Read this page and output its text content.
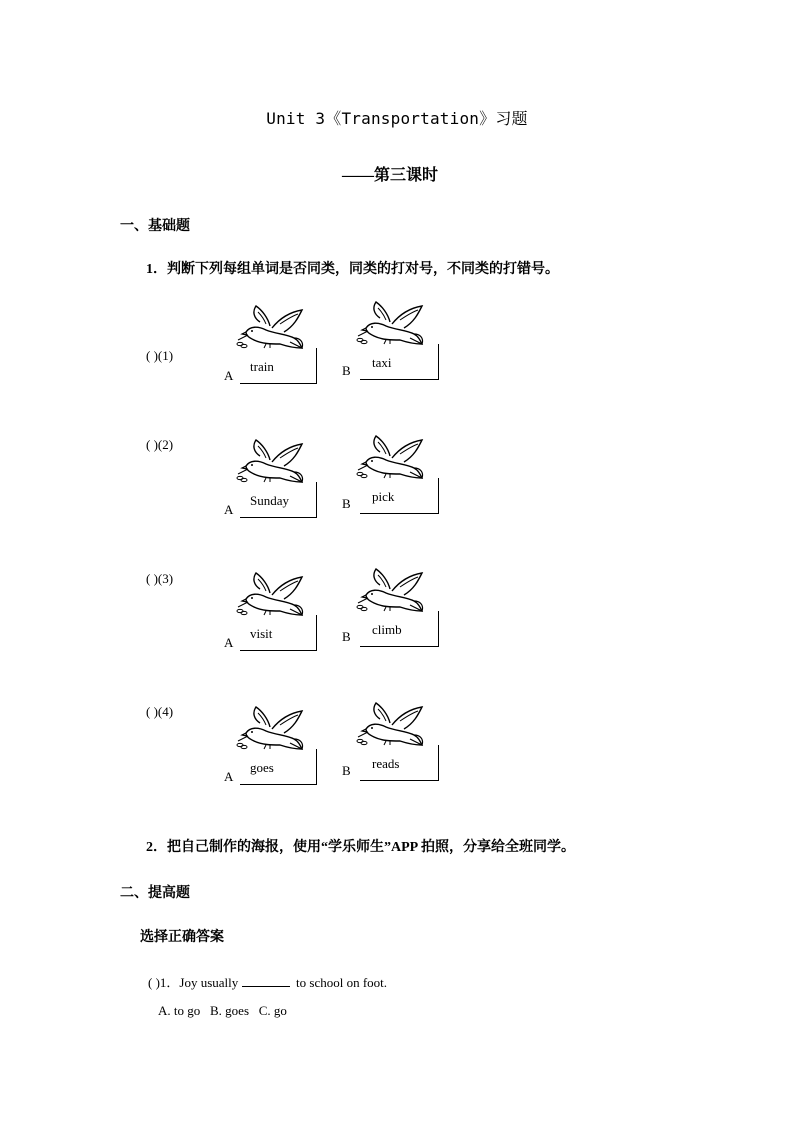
Unit 3《Transportation》习题
——第三课时
一、基础题
1．判断下列每组单词是否同类，同类的打对号，不同类的打错号。
( )(1)
A
train	B
taxi
( )(2)
A
Sunday	B pick
( )(3)
A
visit	B climb
( )(4)
A
goes	B reads
2．把自己制作的海报，使用“学乐师生”APP 拍照，分享给全班同学。
二、提高题
选择正确答案
( )1．Joy usually	to school on foot.
A. to go   B. goes   C. go
